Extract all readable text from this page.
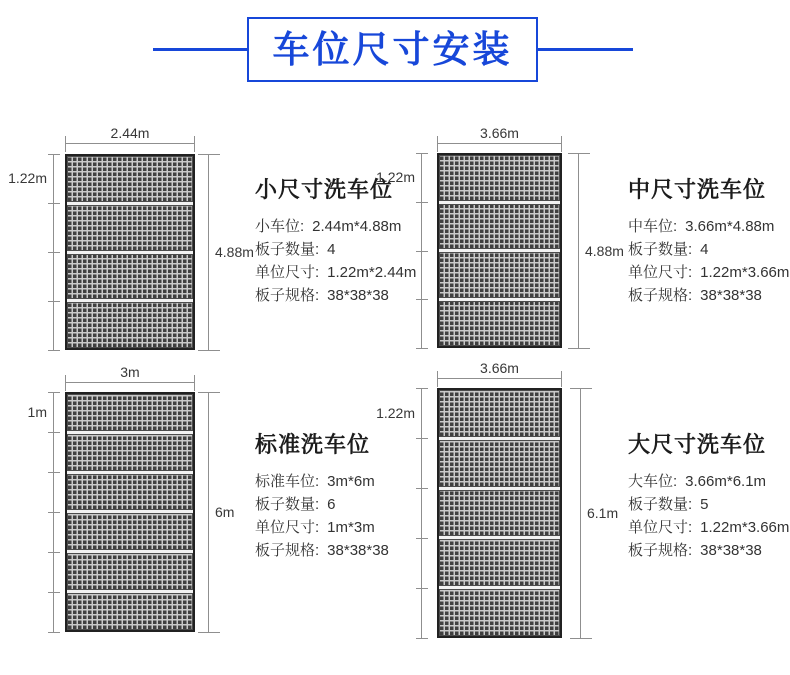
车位尺寸安装
2.44m
1.22m
4.88m
小尺寸洗车位
小车位: 2.44m*4.88m
板子数量: 4
单位尺寸: 1.22m*2.44m
板子规格: 38*38*38
3.66m
1.22m
4.88m
中尺寸洗车位
中车位: 3.66m*4.88m
板子数量: 4
单位尺寸: 1.22m*3.66m
板子规格: 38*38*38
3m
1m
6m
标准洗车位
标准车位: 3m*6m
板子数量: 6
单位尺寸: 1m*3m
板子规格: 38*38*38
3.66m
1.22m
6.1m
大尺寸洗车位
大车位: 3.66m*6.1m
板子数量: 5
单位尺寸: 1.22m*3.66m
板子规格: 38*38*38
